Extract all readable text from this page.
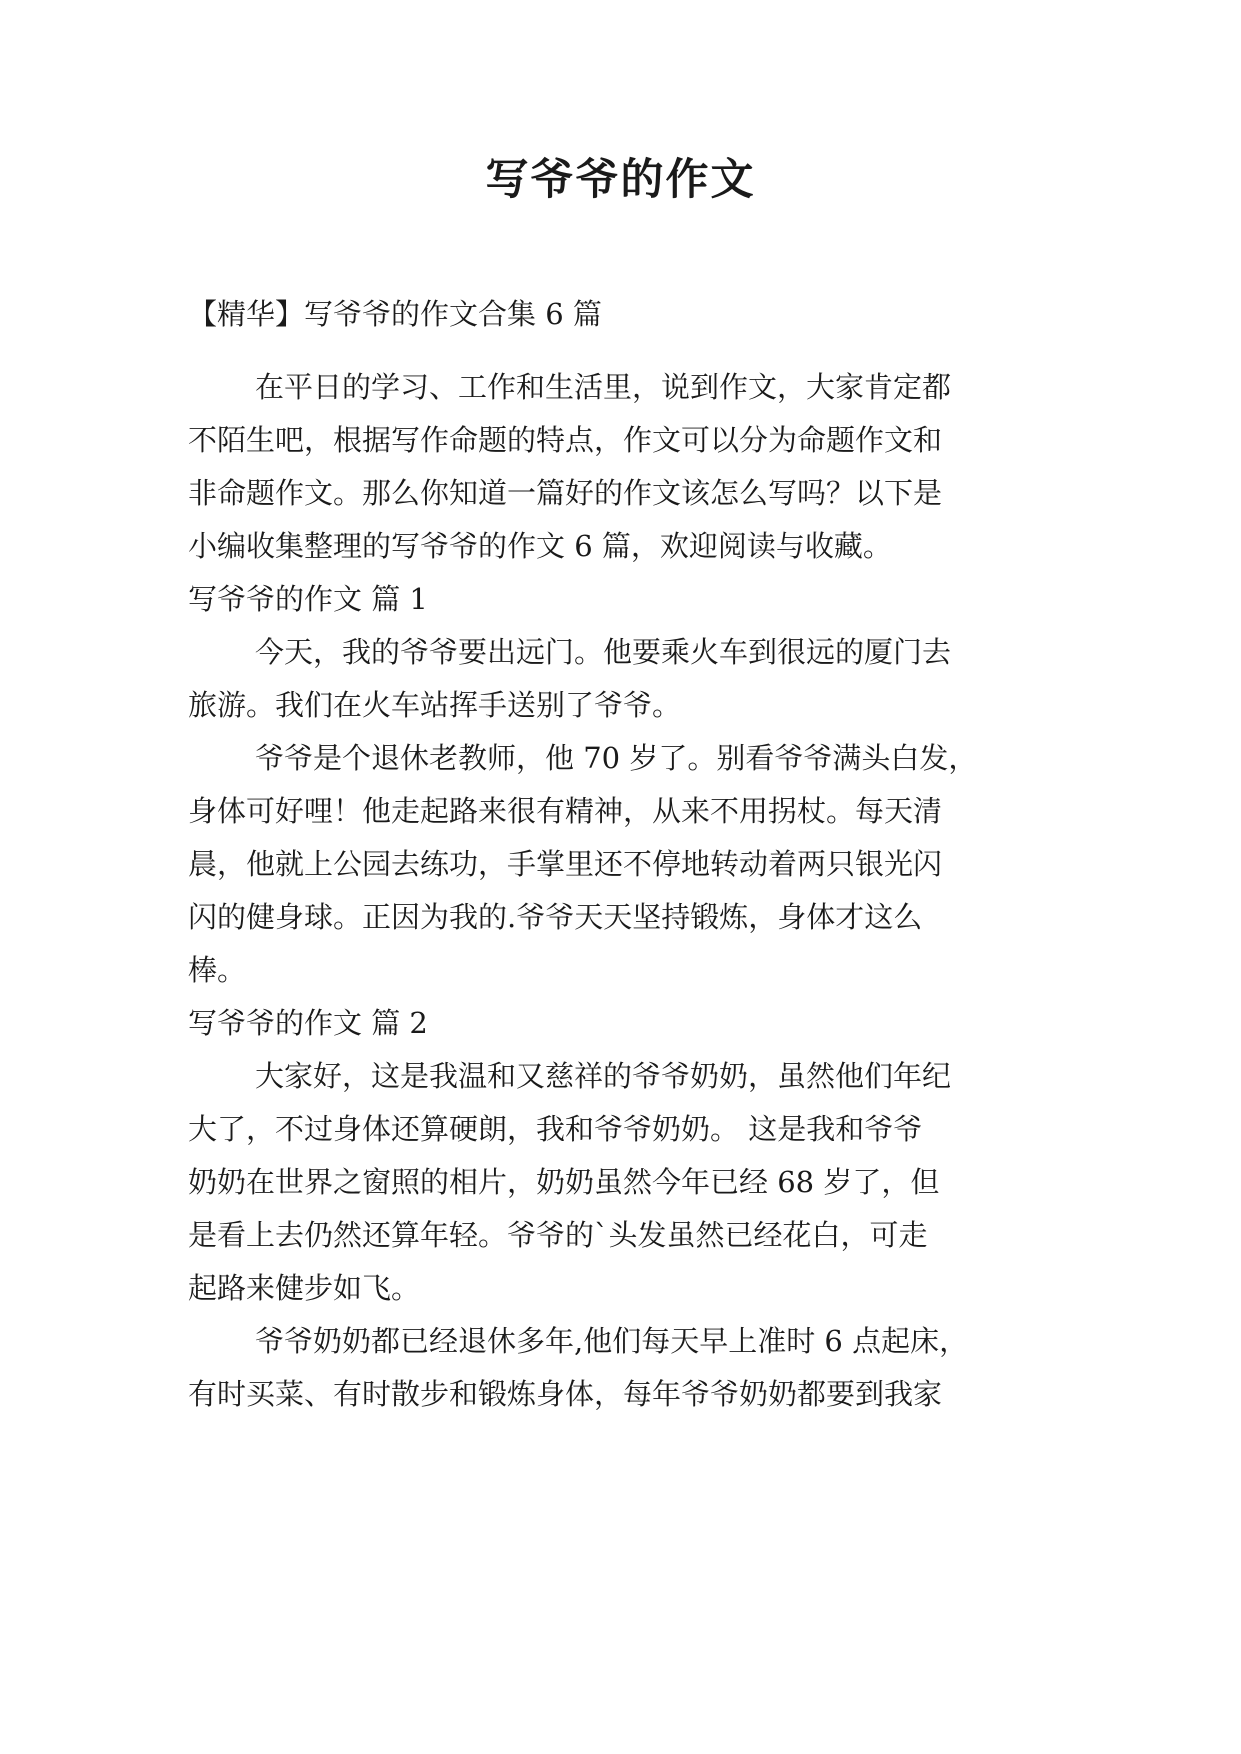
写爷爷的作文

【精华】写爷爷的作文合集 6 篇

在平日的学习、工作和生活里，说到作文，大家肯定都

不陌生吧，根据写作命题的特点，作文可以分为命题作文和

非命题作文。那么你知道一篇好的作文该怎么写吗？以下是

小编收集整理的写爷爷的作文 6 篇，欢迎阅读与收藏。

写爷爷的作文 篇 1

今天，我的爷爷要出远门。他要乘火车到很远的厦门去

旅游。我们在火车站挥手送别了爷爷。

爷爷是个退休老教师，他 70 岁了。别看爷爷满头白发，

身体可好哩！他走起路来很有精神，从来不用拐杖。每天清

晨，他就上公园去练功，手掌里还不停地转动着两只银光闪

闪的健身球。正因为我的.爷爷天天坚持锻炼，身体才这么

棒。

写爷爷的作文 篇 2

大家好，这是我温和又慈祥的爷爷奶奶，虽然他们年纪

大了，不过身体还算硬朗，我和爷爷奶奶。 这是我和爷爷

奶奶在世界之窗照的相片，奶奶虽然今年已经 68 岁了，但

是看上去仍然还算年轻。爷爷的`头发虽然已经花白，可走

起路来健步如飞。

爷爷奶奶都已经退休多年,他们每天早上准时 6 点起床，

有时买菜、有时散步和锻炼身体，每年爷爷奶奶都要到我家
